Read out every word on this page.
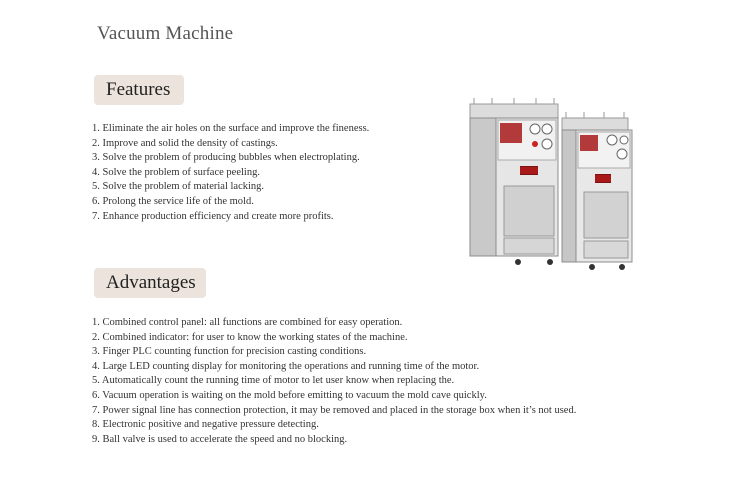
Vacuum Machine
Features
1. Eliminate the air holes on the surface and improve the fineness.
2. Improve and solid the density of castings.
3. Solve the problem of producing bubbles when electroplating.
4. Solve the problem of surface peeling.
5. Solve the problem of material lacking.
6. Prolong the service life of the mold.
7. Enhance production efficiency and create more profits.
Advantages
1. Combined control panel: all functions are combined for easy operation.
2. Combined indicator: for user to know the working states of the machine.
3. Finger PLC counting function for precision casting conditions.
4. Large LED counting display for monitoring the operations and running time of the motor.
5. Automatically count the running time of motor to let user know when replacing the.
6. Vacuum operation is waiting on the mold before emitting to vacuum the mold cave quickly.
7. Power signal line has connection protection, it may be removed and placed in the storage box when it’s not used.
8. Electronic positive and negative pressure detecting.
9. Ball valve is used to accelerate the speed and no blocking.
